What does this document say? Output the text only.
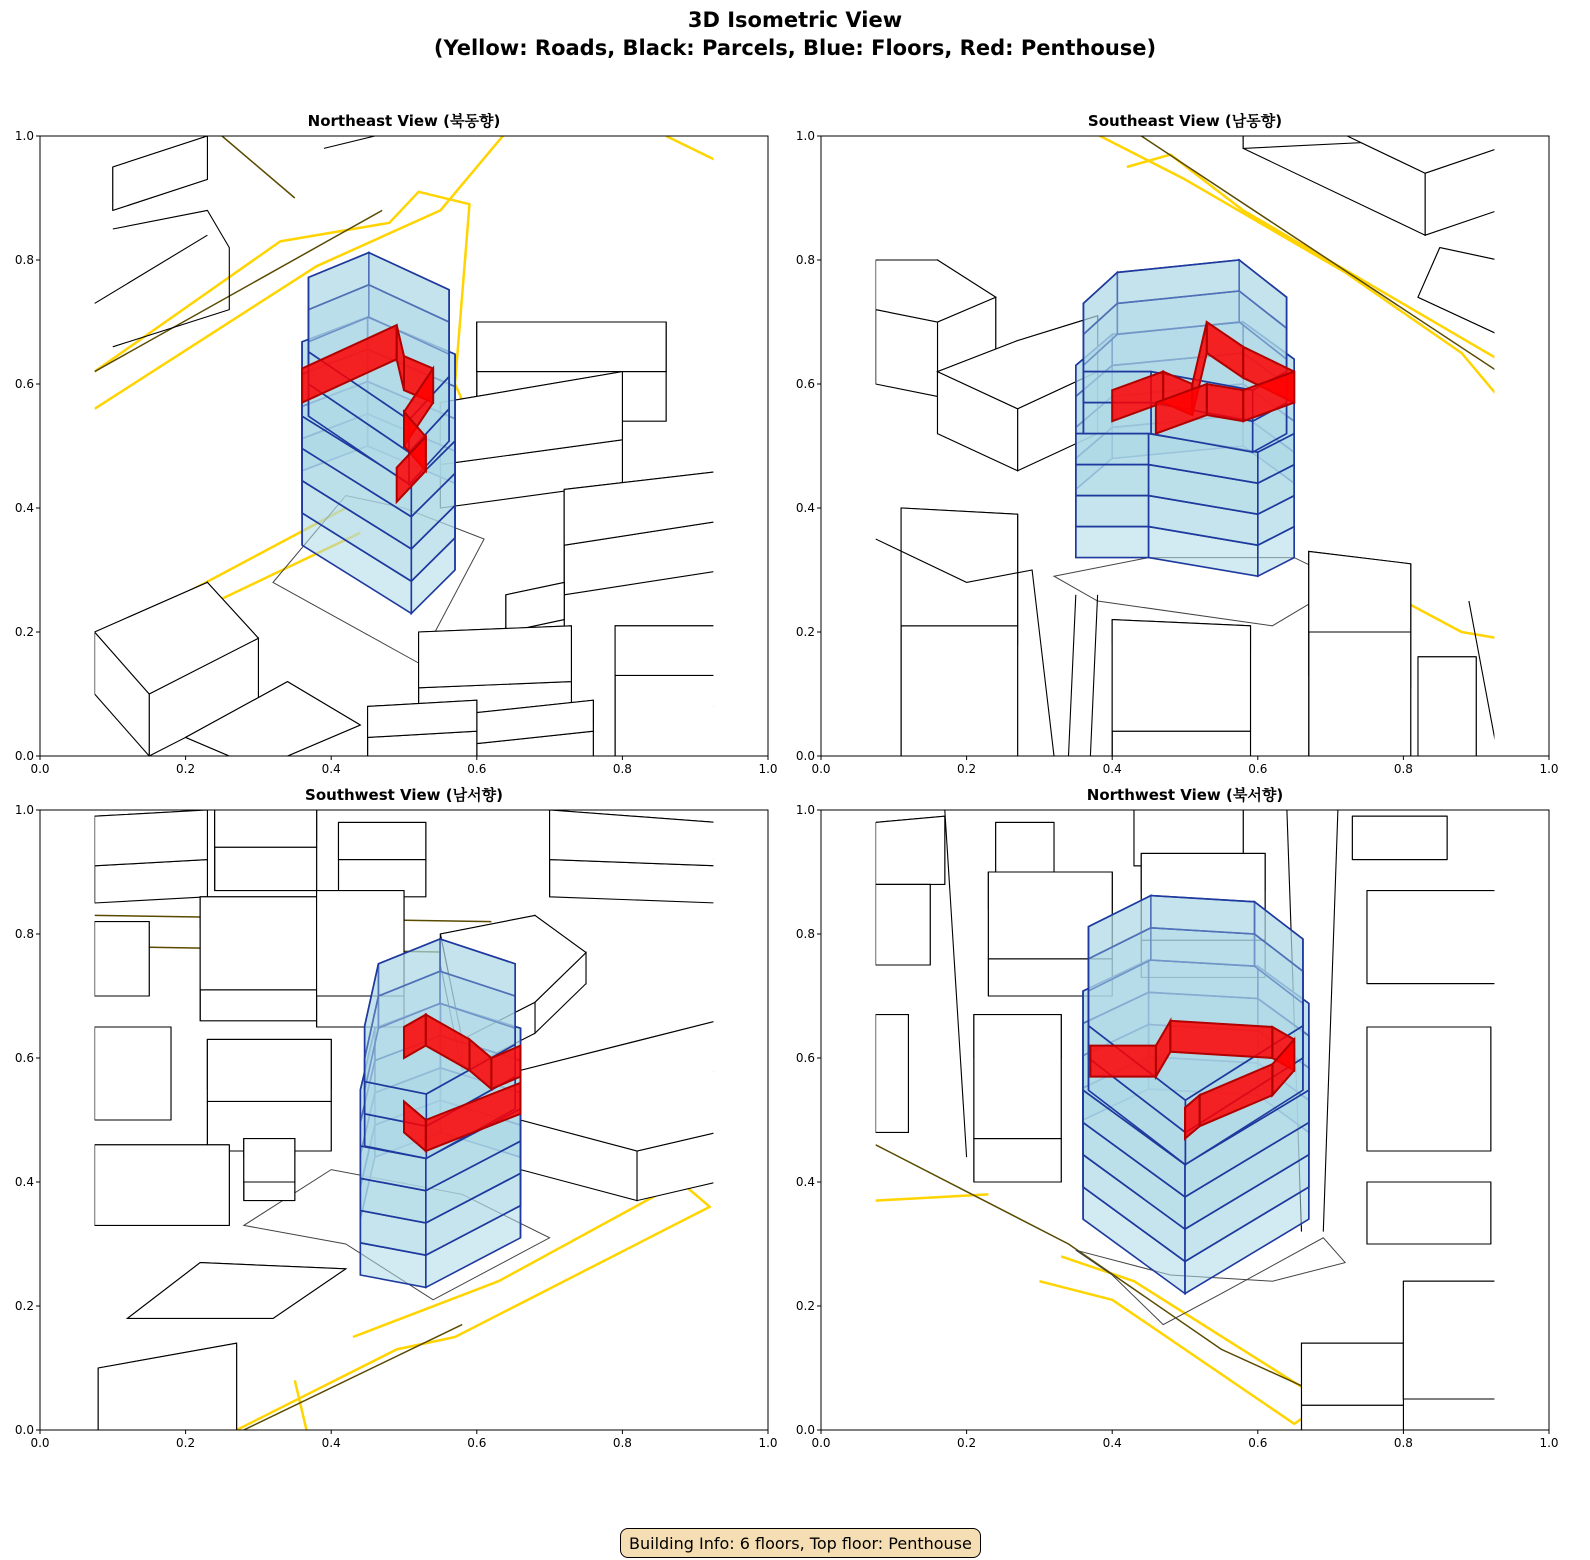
3D Isometric View
(Yellow: Roads, Black: Parcels, Blue: Floors, Red: Penthouse)
Northeast View (북동향)
0.0	0.2	0.4	0.6	0.8	1.0
0.0
0.2
0.4
0.6
0.8
1.0
Southeast View (남동향)
0.0	0.2	0.4	0.6	0.8	1.0
0.0
0.2
0.4
0.6
0.8
1.0
Southwest View (남서향)
0.0	0.2	0.4	0.6	0.8	1.0
0.0
0.2
0.4
0.6
0.8
1.0
Northwest View (북서향)
0.0	0.2	0.4	0.6	0.8	1.0
0.0
0.2
0.4
0.6
0.8
1.0
Building Info: 6 floors, Top floor: Penthouse
